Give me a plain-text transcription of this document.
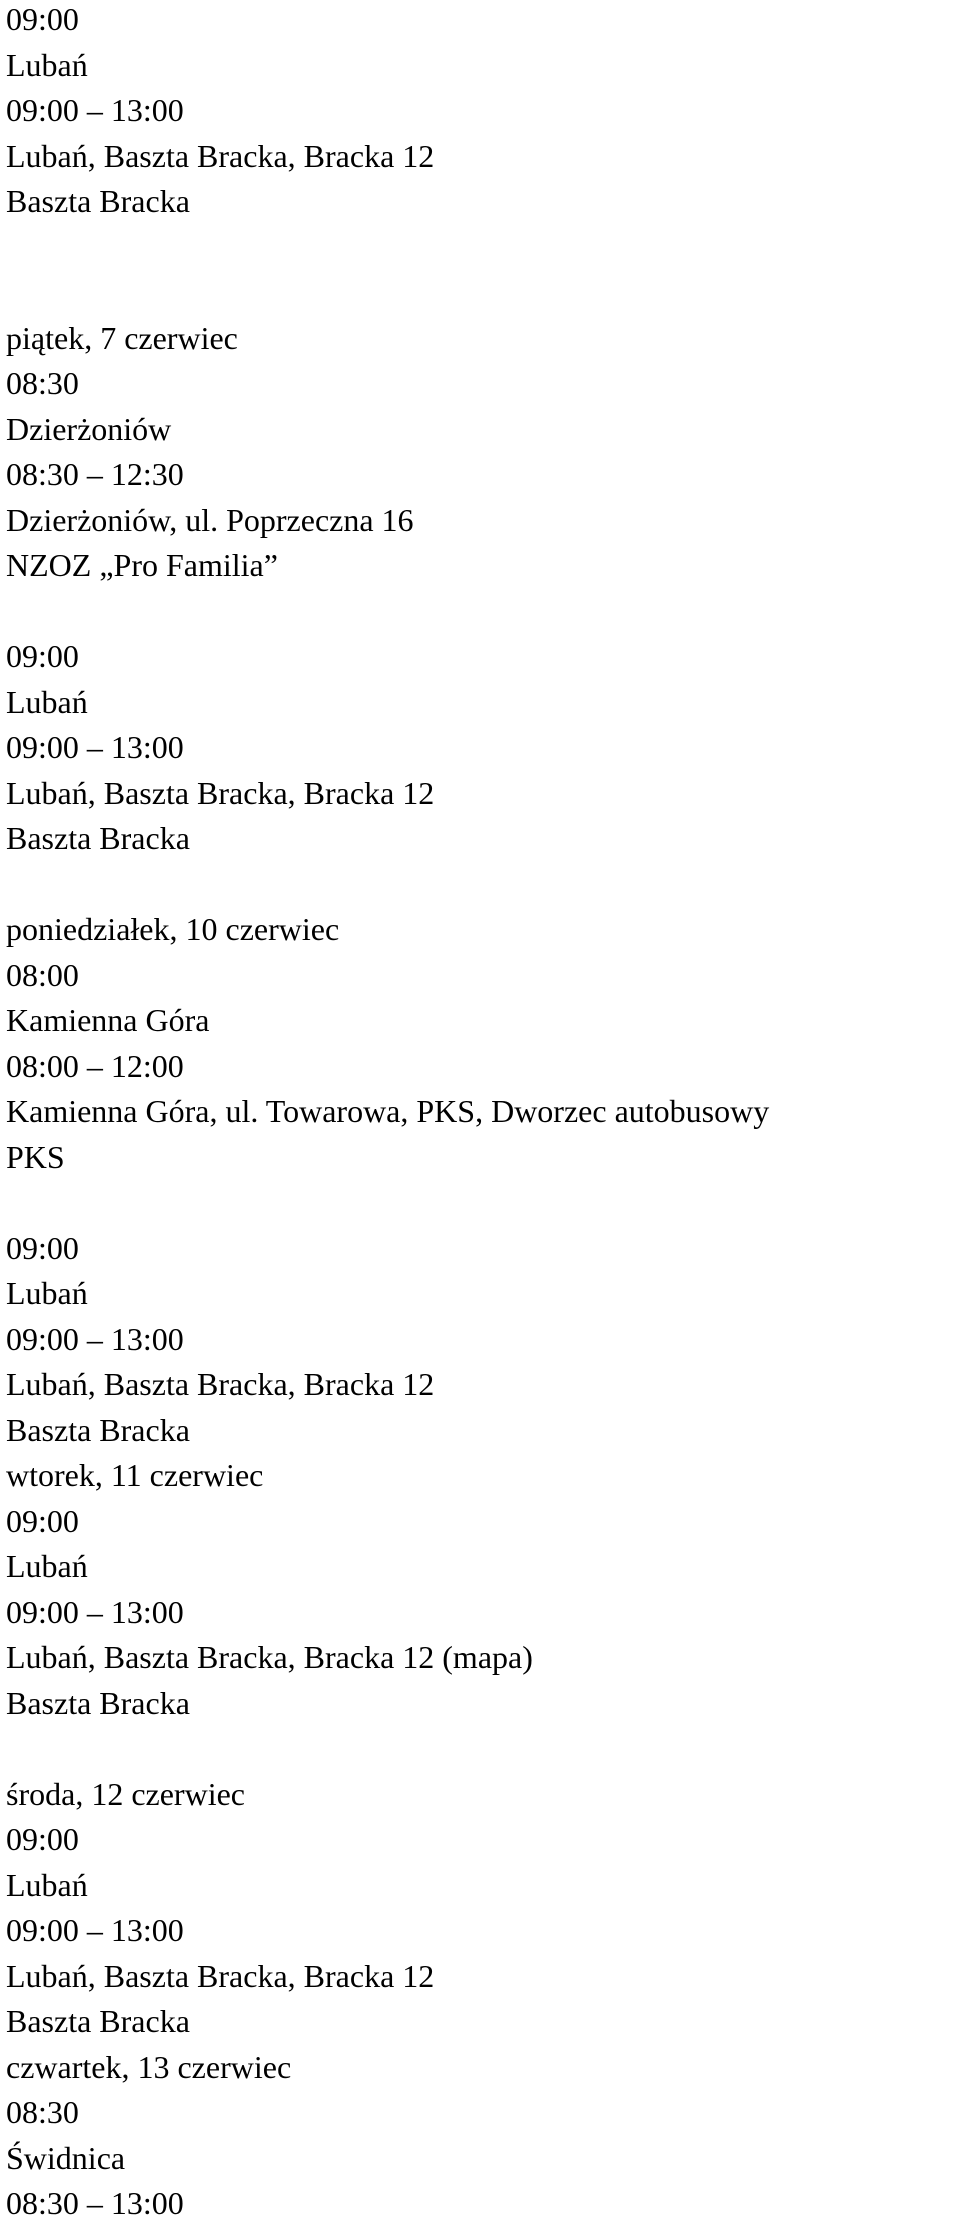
09:00
Lubań
09:00 – 13:00
Lubań, Baszta Bracka, Bracka 12
Baszta Bracka
piątek, 7 czerwiec
08:30
Dzierżoniów
08:30 – 12:30
Dzierżoniów, ul. Poprzeczna 16
NZOZ „Pro Familia”
09:00
Lubań
09:00 – 13:00
Lubań, Baszta Bracka, Bracka 12
Baszta Bracka
poniedziałek, 10 czerwiec
08:00
Kamienna Góra
08:00 – 12:00
Kamienna Góra, ul. Towarowa, PKS, Dworzec autobusowy
PKS
09:00
Lubań
09:00 – 13:00
Lubań, Baszta Bracka, Bracka 12
Baszta Bracka
wtorek, 11 czerwiec
09:00
Lubań
09:00 – 13:00
Lubań, Baszta Bracka, Bracka 12 (mapa)
Baszta Bracka
środa, 12 czerwiec
09:00
Lubań
09:00 – 13:00
Lubań, Baszta Bracka, Bracka 12
Baszta Bracka
czwartek, 13 czerwiec
08:30
Świdnica
08:30 – 13:00
